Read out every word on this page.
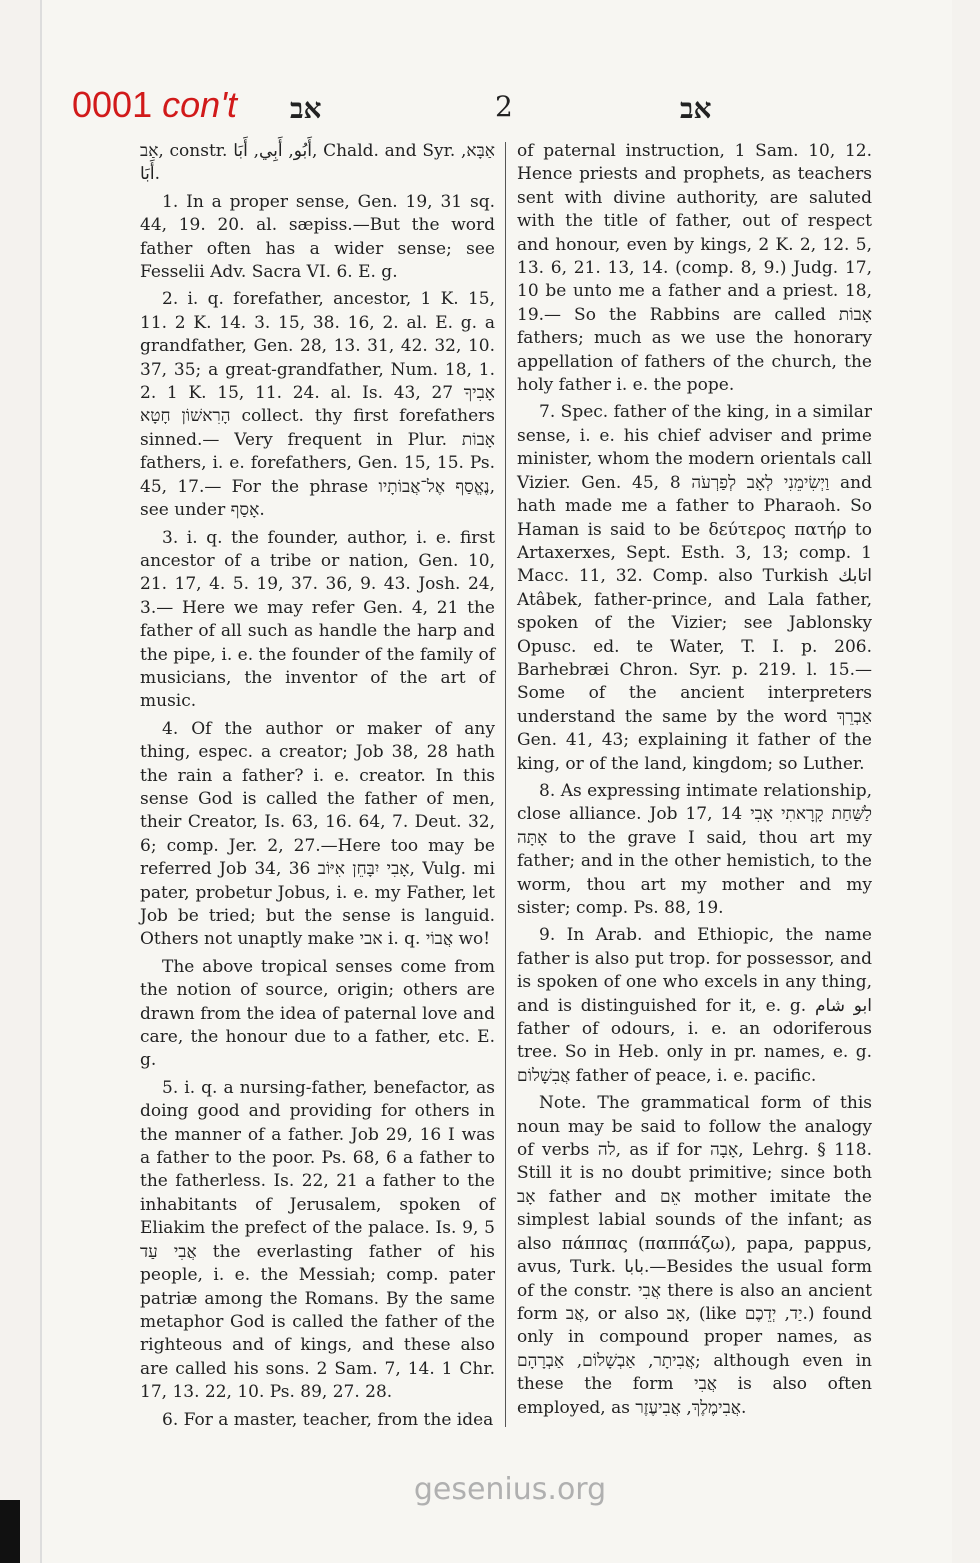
0001 con't אב	2	אב

אַב, constr. أَبُو, أَبِي, أَبَا, Chald. and Syr. אַבָּא, أَبَا.

1. In a proper sense, Gen. 19, 31 sq. 44, 19. 20. al. sæpiss.—But the word father often has a wider sense; see Fesselii Adv. Sacra VI. 6. E. g.

2. i. q. forefather, ancestor, 1 K. 15, 11. 2 K. 14. 3. 15, 38. 16, 2. al. E. g. a grandfather, Gen. 28, 13. 31, 42. 32, 10. 37, 35; a great-grandfather, Num. 18, 1. 2. 1 K. 15, 11. 24. al. Is. 43, 27 אָבִיךָ הָרִאשׁוֹן חָטָא collect. thy first forefathers sinned.— Very frequent in Plur. אָבוֹת fathers, i. e. forefathers, Gen. 15, 15. Ps. 45, 17.— For the phrase נֶאֱסַף אֶל־אֲבוֹתָיו, see under אָסַף.

3. i. q. the founder, author, i. e. first ancestor of a tribe or nation, Gen. 10, 21. 17, 4. 5. 19, 37. 36, 9. 43. Josh. 24, 3.— Here we may refer Gen. 4, 21 the father of all such as handle the harp and the pipe, i. e. the founder of the family of musicians, the inventor of the art of music.

4. Of the author or maker of any thing, espec. a creator; Job 38, 28 hath the rain a father? i. e. creator. In this sense God is called the father of men, their Creator, Is. 63, 16. 64, 7. Deut. 32, 6; comp. Jer. 2, 27.—Here too may be referred Job 34, 36 אָבִי יִבָּחֵן אִיּוֹב, Vulg. mi pater, probetur Jobus, i. e. my Father, let Job be tried; but the sense is languid. Others not unaptly make אבי i. q. אֲבוֹי wo!

The above tropical senses come from the notion of source, origin; others are drawn from the idea of paternal love and care, the honour due to a father, etc. E. g.

5. i. q. a nursing-father, benefactor, as doing good and providing for others in the manner of a father. Job 29, 16 I was a father to the poor. Ps. 68, 6 a father to the fatherless. Is. 22, 21 a father to the inhabitants of Jerusalem, spoken of Eliakim the prefect of the palace. Is. 9, 5 אֲבִי עַד the everlasting father of his people, i. e. the Messiah; comp. pater patriæ among the Romans. By the same metaphor God is called the father of the righteous and of kings, and these also are called his sons. 2 Sam. 7, 14. 1 Chr. 17, 13. 22, 10. Ps. 89, 27. 28.

6. For a master, teacher, from the idea

of paternal instruction, 1 Sam. 10, 12. Hence priests and prophets, as teachers sent with divine authority, are saluted with the title of father, out of respect and honour, even by kings, 2 K. 2, 12. 5, 13. 6, 21. 13, 14. (comp. 8, 9.) Judg. 17, 10 be unto me a father and a priest. 18, 19.— So the Rabbins are called אָבוֹת fathers; much as we use the honorary appellation of fathers of the church, the holy father i. e. the pope.

7. Spec. father of the king, in a similar sense, i. e. his chief adviser and prime minister, whom the modern orientals call Vizier. Gen. 45, 8 וַיְשִׂימֵנִי לְאָב לְפַרְעֹה and hath made me a father to Pharaoh. So Haman is said to be δεύτερος πατήρ to Artaxerxes, Sept. Esth. 3, 13; comp. 1 Macc. 11, 32. Comp. also Turkish اتابك Atâbek, father-prince, and Lala father, spoken of the Vizier; see Jablonsky Opusc. ed. te Water, T. I. p. 206. Barhebræi Chron. Syr. p. 219. l. 15.— Some of the ancient interpreters understand the same by the word אַבְרֵךְ Gen. 41, 43; explaining it father of the king, or of the land, kingdom; so Luther.

8. As expressing intimate relationship, close alliance. Job 17, 14 לַשַּׁחַת קָרָאתִי אָבִי אָתָּה to the grave I said, thou art my father; and in the other hemistich, to the worm, thou art my mother and my sister; comp. Ps. 88, 19.

9. In Arab. and Ethiopic, the name father is also put trop. for possessor, and is spoken of one who excels in any thing, and is distinguished for it, e. g. ابو شام father of odours, i. e. an odoriferous tree. So in Heb. only in pr. names, e. g. אֲבִשָׁלוֹם father of peace, i. e. pacific.

Note. The grammatical form of this noun may be said to follow the analogy of verbs לה, as if for אָבָה, Lehrg. § 118. Still it is no doubt primitive; since both אָב father and אֵם mother imitate the simplest labial sounds of the infant; as also πάππας (παππάζω), papa, pappus, avus, Turk. بابا.—Besides the usual form of the constr. אֲבִי there is also an ancient form אֲב, or also אָב, (like יַד, יְדֵכֶם.) found only in compound proper names, as אֲבִיתָר, אַבְשָׁלוֹם, אַבְרָהָם; although even in these the form אֲבִי is also often employed, as אֲבִימֶלֶךְ, אֲבִיעֶזֶר.

gesenius.org
